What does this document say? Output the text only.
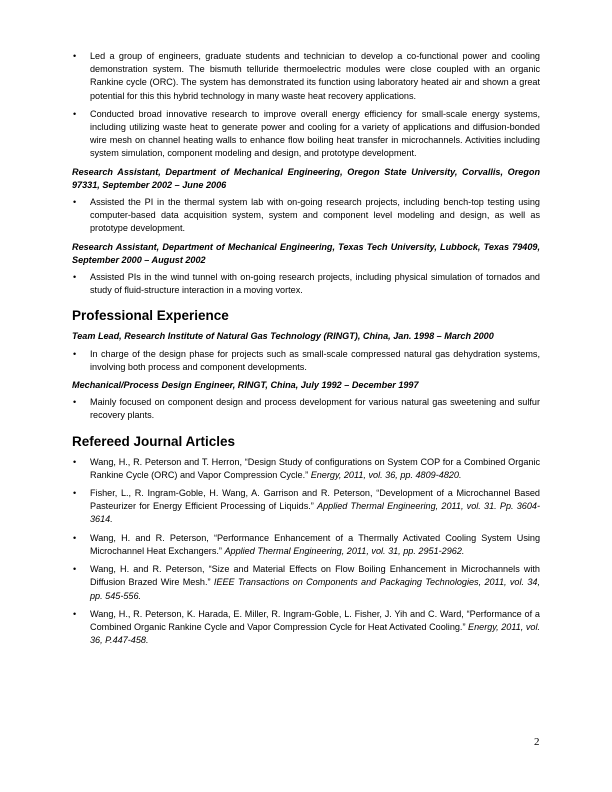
• Led a group of engineers, graduate students and technician to develop a co-functional power and cooling demonstration system. The bismuth telluride thermoelectric modules were close coupled with an organic Rankine cycle (ORC). The system has demonstrated its function using laboratory heated air and shown a great potential for this this hybrid technology in many waste heat recovery applications.
• Conducted broad innovative research to improve overall energy efficiency for small-scale energy systems, including utilizing waste heat to generate power and cooling for a variety of applications and diffusion-bonded wire mesh on channel heating walls to enhance flow boiling heat transfer in microchannels. Activities including system simulation, component modeling and design, and prototype development.
Research Assistant, Department of Mechanical Engineering, Oregon State University, Corvallis, Oregon 97331, September 2002 – June 2006
• Assisted the PI in the thermal system lab with on-going research projects, including bench-top testing using computer-based data acquisition system, system and component level modeling and design, as well as prototype development.
Research Assistant, Department of Mechanical Engineering, Texas Tech University, Lubbock, Texas 79409, September 2000 – August 2002
• Assisted PIs in the wind tunnel with on-going research projects, including physical simulation of tornados and study of fluid-structure interaction in a moving vortex.
Professional Experience
Team Lead, Research Institute of Natural Gas Technology (RINGT), China, Jan. 1998 – March 2000
• In charge of the design phase for projects such as small-scale compressed natural gas dehydration systems, involving both process and component developments.
Mechanical/Process Design Engineer, RINGT, China, July 1992 – December 1997
• Mainly focused on component design and process development for various natural gas sweetening and sulfur recovery plants.
Refereed Journal Articles
• Wang, H., R. Peterson and T. Herron, “Design Study of configurations on System COP for a Combined Organic Rankine Cycle (ORC) and Vapor Compression Cycle.” Energy, 2011, vol. 36, pp. 4809-4820.
• Fisher, L., R. Ingram-Goble, H. Wang, A. Garrison and R. Peterson, “Development of a Microchannel Based Pasteurizer for Energy Efficient Processing of Liquids.” Applied Thermal Engineering, 2011, vol. 31. Pp. 3604-3614.
• Wang, H. and R. Peterson, “Performance Enhancement of a Thermally Activated Cooling System Using Microchannel Heat Exchangers.” Applied Thermal Engineering, 2011, vol. 31, pp. 2951-2962.
• Wang, H. and R. Peterson, “Size and Material Effects on Flow Boiling Enhancement in Microchannels with Diffusion Brazed Wire Mesh.” IEEE Transactions on Components and Packaging Technologies, 2011, vol. 34, pp. 545-556.
• Wang, H., R. Peterson, K. Harada, E. Miller, R. Ingram-Goble, L. Fisher, J. Yih and C. Ward, “Performance of a Combined Organic Rankine Cycle and Vapor Compression Cycle for Heat Activated Cooling.” Energy, 2011, vol. 36, P.447-458.
2
